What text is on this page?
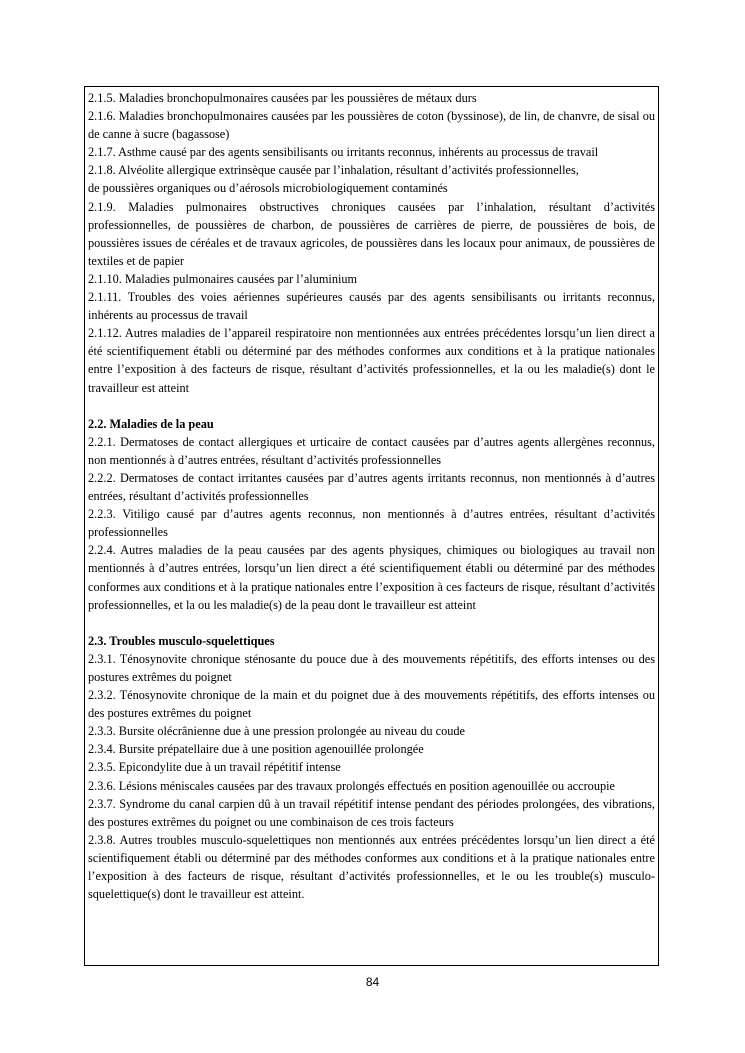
2.1.5. Maladies bronchopulmonaires causées par les poussières de métaux durs

2.1.6. Maladies bronchopulmonaires causées par les poussières de coton (byssinose), de lin, de chanvre, de sisal ou de canne à sucre (bagassose)

2.1.7. Asthme causé par des agents sensibilisants ou irritants reconnus, inhérents au processus de travail

2.1.8. Alvéolite allergique extrinsèque causée par l’inhalation, résultant d’activités professionnelles,

de poussières organiques ou d’aérosols microbiologiquement contaminés

2.1.9. Maladies pulmonaires obstructives chroniques causées par l’inhalation, résultant d’activités professionnelles, de poussières de charbon, de poussières de carrières de pierre, de poussières de bois, de poussières issues de céréales et de travaux agricoles, de poussières dans les locaux pour animaux, de poussières de textiles et de papier

2.1.10. Maladies pulmonaires causées par l’aluminium

2.1.11. Troubles des voies aériennes supérieures causés par des agents sensibilisants ou irritants reconnus, inhérents au processus de travail

2.1.12. Autres maladies de l’appareil respiratoire non mentionnées aux entrées précédentes lorsqu’un lien direct a été scientifiquement établi ou déterminé par des méthodes conformes aux conditions et à la pratique nationales entre l’exposition à des facteurs de risque, résultant d’activités professionnelles, et la ou les maladie(s) dont le travailleur est atteint

2.2. Maladies de la peau

2.2.1. Dermatoses de contact allergiques et urticaire de contact causées par d’autres agents allergènes reconnus, non mentionnés à d’autres entrées, résultant d’activités professionnelles

2.2.2. Dermatoses de contact irritantes causées par d’autres agents irritants reconnus, non mentionnés à d’autres entrées, résultant d’activités professionnelles

2.2.3. Vitiligo causé par d’autres agents reconnus, non mentionnés à d’autres entrées, résultant d’activités professionnelles

2.2.4. Autres maladies de la peau causées par des agents physiques, chimiques ou biologiques au travail non mentionnés à d’autres entrées, lorsqu’un lien direct a été scientifiquement établi ou déterminé par des méthodes conformes aux conditions et à la pratique nationales entre l’exposition à ces facteurs de risque, résultant d’activités professionnelles, et la ou les maladie(s) de la peau dont le travailleur est atteint

2.3. Troubles musculo-squelettiques

2.3.1. Ténosynovite chronique sténosante du pouce due à des mouvements répétitifs, des efforts intenses ou des postures extrêmes du poignet

2.3.2. Ténosynovite chronique de la main et du poignet due à des mouvements répétitifs, des efforts intenses ou des postures extrêmes du poignet

2.3.3. Bursite olécrânienne due à une pression prolongée au niveau du coude

2.3.4. Bursite prépatellaire due à une position agenouillée prolongée

2.3.5. Epicondylite due à un travail répétitif intense

2.3.6. Lésions méniscales causées par des travaux prolongés effectués en position agenouillée ou accroupie

2.3.7. Syndrome du canal carpien dû à un travail répétitif intense pendant des périodes prolongées, des vibrations, des postures extrêmes du poignet ou une combinaison de ces trois facteurs

2.3.8. Autres troubles musculo-squelettiques non mentionnés aux entrées précédentes lorsqu’un lien direct a été scientifiquement établi ou déterminé par des méthodes conformes aux conditions et à la pratique nationales entre l’exposition à des facteurs de risque, résultant d’activités professionnelles, et le ou les trouble(s) musculo-squelettique(s) dont le travailleur est atteint.

84
